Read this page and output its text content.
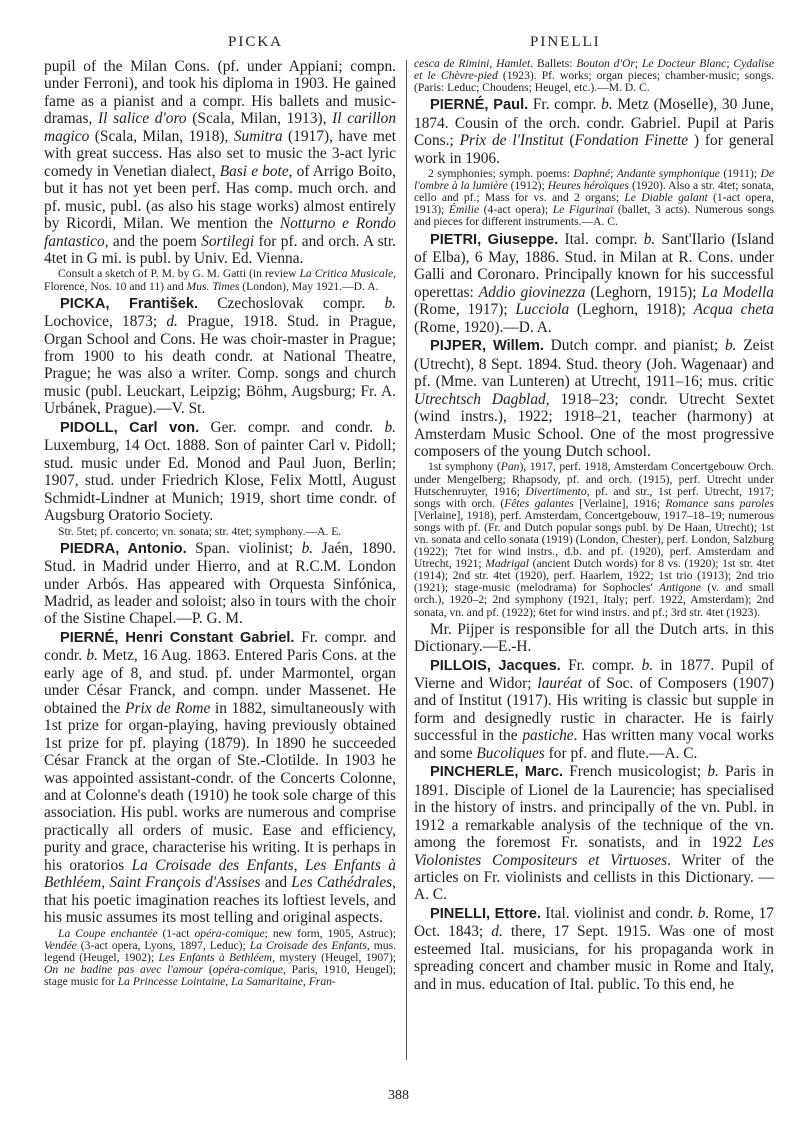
PICKA	PINELLI

pupil of the Milan Cons. (pf. under Appiani; compn. under Ferroni), and took his diploma in 1903. He gained fame as a pianist and a compr. His ballets and music-dramas, Il salice d'oro (Scala, Milan, 1913), Il carillon magico (Scala, Milan, 1918), Sumitra (1917), have met with great success. Has also set to music the 3-act lyric comedy in Venetian dialect, Basi e bote, of Arrigo Boito, but it has not yet been perf. Has comp. much orch. and pf. music, publ. (as also his stage works) almost entirely by Ricordi, Milan. We mention the Notturno e Rondo fantastico, and the poem Sortilegi for pf. and orch. A str. 4tet in G mi. is publ. by Univ. Ed. Vienna.

Consult a sketch of P. M. by G. M. Gatti (in review La Critica Musicale, Florence, Nos. 10 and 11) and Mus. Times (London), May 1921.—D. A.

PICKA, František. Czechoslovak compr. b. Lochovice, 1873; d. Prague, 1918. Stud. in Prague, Organ School and Cons. He was choir-master in Prague; from 1900 to his death condr. at National Theatre, Prague; he was also a writer. Comp. songs and church music (publ. Leuckart, Leipzig; Böhm, Augsburg; Fr. A. Urbánek, Prague).—V. St.

PIDOLL, Carl von. Ger. compr. and condr. b. Luxemburg, 14 Oct. 1888. Son of painter Carl v. Pidoll; stud. music under Ed. Monod and Paul Juon, Berlin; 1907, stud. under Friedrich Klose, Felix Mottl, August Schmidt-Lindner at Munich; 1919, short time condr. of Augsburg Oratorio Society.

Str. 5tet; pf. concerto; vn. sonata; str. 4tet; symphony.—A. E.

PIEDRA, Antonio. Span. violinist; b. Jaén, 1890. Stud. in Madrid under Hierro, and at R.C.M. London under Arbós. Has appeared with Orquesta Sinfónica, Madrid, as leader and soloist; also in tours with the choir of the Sistine Chapel.—P. G. M.

PIERNÉ, Henri Constant Gabriel. Fr. compr. and condr. b. Metz, 16 Aug. 1863. Entered Paris Cons. at the early age of 8, and stud. pf. under Marmontel, organ under César Franck, and compn. under Massenet. He obtained the Prix de Rome in 1882, simultaneously with 1st prize for organ-playing, having previously obtained 1st prize for pf. playing (1879). In 1890 he succeeded César Franck at the organ of Ste.-Clotilde. In 1903 he was appointed assistant-condr. of the Concerts Colonne, and at Colonne's death (1910) he took sole charge of this association. His publ. works are numerous and comprise practically all orders of music. Ease and efficiency, purity and grace, characterise his writing. It is perhaps in his oratorios La Croisade des Enfants, Les Enfants à Bethléem, Saint François d'Assises and Les Cathédrales, that his poetic imagination reaches its loftiest levels, and his music assumes its most telling and original aspects.

La Coupe enchantée (1-act opéra-comique; new form, 1905, Astruc); Vendée (3-act opera, Lyons, 1897, Leduc); La Croisade des Enfants, mus. legend (Heugel, 1902); Les Enfants à Bethléem, mystery (Heugel, 1907); On ne badine pas avec l'amour (opéra-comique, Paris, 1910, Heugel); stage music for La Princesse Lointaine, La Samaritaine, Fran-

cesca de Rimini, Hamlet. Ballets: Bouton d'Or; Le Docteur Blanc; Cydalise et le Chèvre-pied (1923). Pf. works; organ pieces; chamber-music; songs. (Paris: Leduc; Choudens; Heugel, etc.).—M. D. C.

PIERNÉ, Paul. Fr. compr. b. Metz (Moselle), 30 June, 1874. Cousin of the orch. condr. Gabriel. Pupil at Paris Cons.; Prix de l'Institut (Fondation Finette ) for general work in 1906.

2 symphonies; symph. poems: Daphné; Andante symphonique (1911); De l'ombre à la lumière (1912); Heures héroïques (1920). Also a str. 4tet; sonata, cello and pf.; Mass for vs. and 2 organs; Le Diable galant (1-act opera, 1913); Émilie (4-act opera); Le Figurinaï (ballet, 3 acts). Numerous songs and pieces for different instruments.—A. C.

PIETRI, Giuseppe. Ital. compr. b. Sant'Ilario (Island of Elba), 6 May, 1886. Stud. in Milan at R. Cons. under Galli and Coronaro. Principally known for his successful operettas: Addio giovinezza (Leghorn, 1915); La Modella (Rome, 1917); Lucciola (Leghorn, 1918); Acqua cheta (Rome, 1920).—D. A.

PIJPER, Willem. Dutch compr. and pianist; b. Zeist (Utrecht), 8 Sept. 1894. Stud. theory (Joh. Wagenaar) and pf. (Mme. van Lunteren) at Utrecht, 1911–16; mus. critic Utrechtsch Dagblad, 1918–23; condr. Utrecht Sextet (wind instrs.), 1922; 1918–21, teacher (harmony) at Amsterdam Music School. One of the most progressive composers of the young Dutch school.

1st symphony (Pan), 1917, perf. 1918, Amsterdam Concertgebouw Orch. under Mengelberg; Rhapsody, pf. and orch. (1915), perf. Utrecht under Hutschenruyter, 1916; Divertimento, pf. and str., 1st perf. Utrecht, 1917; songs with orch. (Fêtes galantes [Verlaine], 1916; Romance sans paroles [Verlaine], 1918), perf. Amsterdam, Concertgebouw, 1917–18–19; numerous songs with pf. (Fr. and Dutch popular songs publ. by De Haan, Utrecht); 1st vn. sonata and cello sonata (1919) (London, Chester), perf. London, Salzburg (1922); 7tet for wind instrs., d.b. and pf. (1920), perf. Amsterdam and Utrecht, 1921; Madrigal (ancient Dutch words) for 8 vs. (1920); 1st str. 4tet (1914); 2nd str. 4tet (1920), perf. Haarlem, 1922; 1st trio (1913); 2nd trio (1921); stage-music (melodrama) for Sophocles' Antigone (v. and small orch.), 1920–2; 2nd symphony (1921, Italy; perf. 1922, Amsterdam); 2nd sonata, vn. and pf. (1922); 6tet for wind instrs. and pf.; 3rd str. 4tet (1923).

Mr. Pijper is responsible for all the Dutch arts. in this Dictionary.—E.-H.

PILLOIS, Jacques. Fr. compr. b. in 1877. Pupil of Vierne and Widor; lauréat of Soc. of Composers (1907) and of Institut (1917). His writing is classic but supple in form and designedly rustic in character. He is fairly successful in the pastiche. Has written many vocal works and some Bucoliques for pf. and flute.—A. C.

PINCHERLE, Marc. French musicologist; b. Paris in 1891. Disciple of Lionel de la Laurencie; has specialised in the history of instrs. and principally of the vn. Publ. in 1912 a remarkable analysis of the technique of the vn. among the foremost Fr. sonatists, and in 1922 Les Violonistes Compositeurs et Virtuoses. Writer of the articles on Fr. violinists and cellists in this Dictionary. —A. C.

PINELLI, Ettore. Ital. violinist and condr. b. Rome, 17 Oct. 1843; d. there, 17 Sept. 1915. Was one of most esteemed Ital. musicians, for his propaganda work in spreading concert and chamber music in Rome and Italy, and in mus. education of Ital. public. To this end, he

388
